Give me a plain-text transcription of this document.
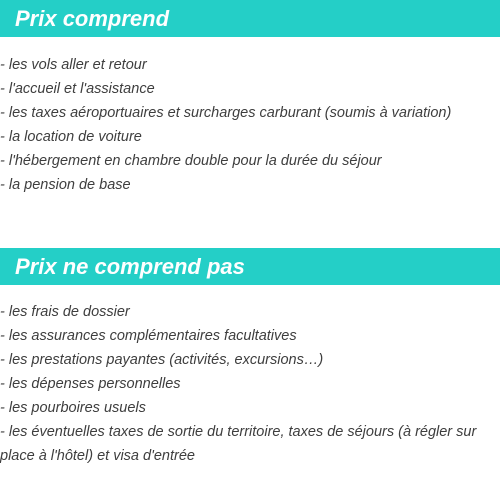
Prix comprend
- les vols aller et retour
- l'accueil et l'assistance
- les taxes aéroportuaires et surcharges carburant (soumis à variation)
- la location de voiture
- l'hébergement en chambre double pour la durée du séjour
- la pension de base
Prix ne comprend pas
- les frais de dossier
- les assurances complémentaires facultatives
- les prestations payantes (activités, excursions…)
- les dépenses personnelles
- les pourboires usuels
- les éventuelles taxes de sortie du territoire, taxes de séjours (à régler sur place à l'hôtel) et visa d'entrée
